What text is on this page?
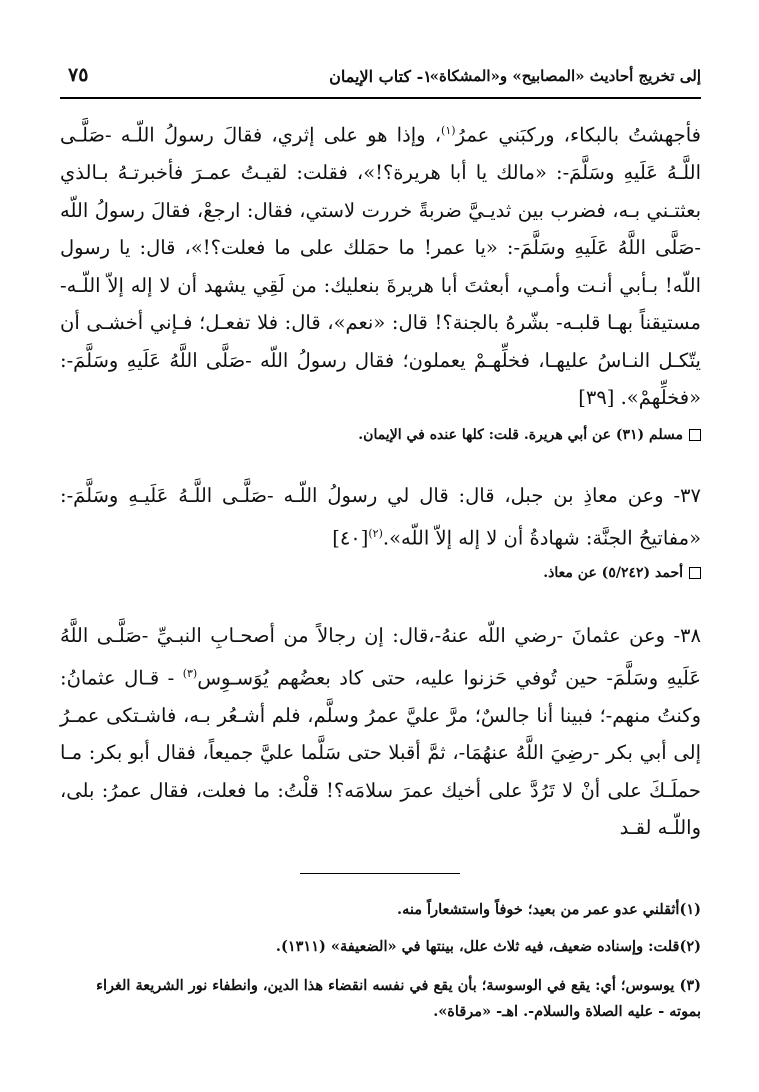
إلى تخريج أحاديث «المصابيح» و«المشكاة»
١- كتاب الإيمان
٧٥
فأجهشتُ بالبكاء، وركبَني عمرُ$^{(١)}$، وإذا هو على إثري، فقالَ رسولُ اللّـه -صَلَّـى اللَّـهُ عَلَيهِ وسَلَّمَ-: «مالك يا أبا هريرة؟!»، فقلت: لقيـتُ عمـرَ فأخبرتـهُ بـالذي بعثتـني بـه، فضرب بين ثديـيَّ ضربةً خررت لاستي، فقال: ارجعْ، فقالَ رسولُ اللّه -صَلَّى اللَّهُ عَلَيهِ وسَلَّمَ-: «يا عمر! ما حمَلك على ما فعلت؟!»، قال: يا رسول اللّه! بـأبي أنـت وأمـي، أبعثتَ أبا هريرةَ بنعليك: من لَقِي يشهد أن لا إله إلاّ اللّـه- مستيقناً بهـا قلبـه- بشّرهُ بالجنة؟! قال: «نعم»، قال: فلا تفعـل؛ فـإني أخشـى أن يتّكـل النـاسُ عليهـا، فخلِّهـمْ يعملون؛ فقال رسولُ اللّه -صَلَّى اللَّهُ عَلَيهِ وسَلَّمَ-: «فخلِّهمْ». [٣٩]
مسلم (٣١) عن أبي هريرة. قلت: كلها عنده في الإيمان.
٣٧- وعن معاذِ بن جبل، قال: قال لي رسولُ اللّـه -صَلَّـى اللَّـهُ عَلَيـهِ وسَلَّمَ-: «مفاتيحُ الجنَّة: شهادةُ أن لا إله إلاّ اللّه».$^{(٢)}$[٤٠]
أحمد (٥/٢٤٢) عن معاذ.
٣٨- وعن عثمانَ -رضي اللّه عنهُ-،قال: إن رجالاً من أصحـابِ النبـيِّ -صَلَّـى اللَّهُ عَلَيهِ وسَلَّمَ- حين تُوفي حَزنوا عليه، حتى كاد بعضُهم يُوَسـوِس$^{(٣)}$ - قـال عثمانُ: وكنتُ منهم-؛ فبينا أنا جالسٌ؛ مرَّ عليَّ عمرُ وسلَّم، فلم أشـعُر بـه، فاشـتكى عمـرُ إلى أبي بكر -رضِيَ اللَّهُ عنهُمَا-، ثمَّ أقبلا حتى سَلَّما عليَّ جميعاً، فقال أبو بكر: مـا حملَـكَ على أنْ لا تَرُدَّ على أخيك عمرَ سلامَه؟! قلْتُ: ما فعلت، فقال عمرُ: بلى، واللّـه لقـد
(١)أثقلني عدو عمر من بعيد؛ خوفاً واستشعاراً منه.
(٢)قلت: وإسناده ضعيف، فيه ثلاث علل، بينتها في «الضعيفة» (١٣١١).
(٣) يوسوس؛ أي: يقع في الوسوسة؛ بأن يقع في نفسه انقضاء هذا الدين، وانطفاء نور الشريعة الغراء بموته - عليه الصلاة والسلام-. اهـ- «مرقاة».
